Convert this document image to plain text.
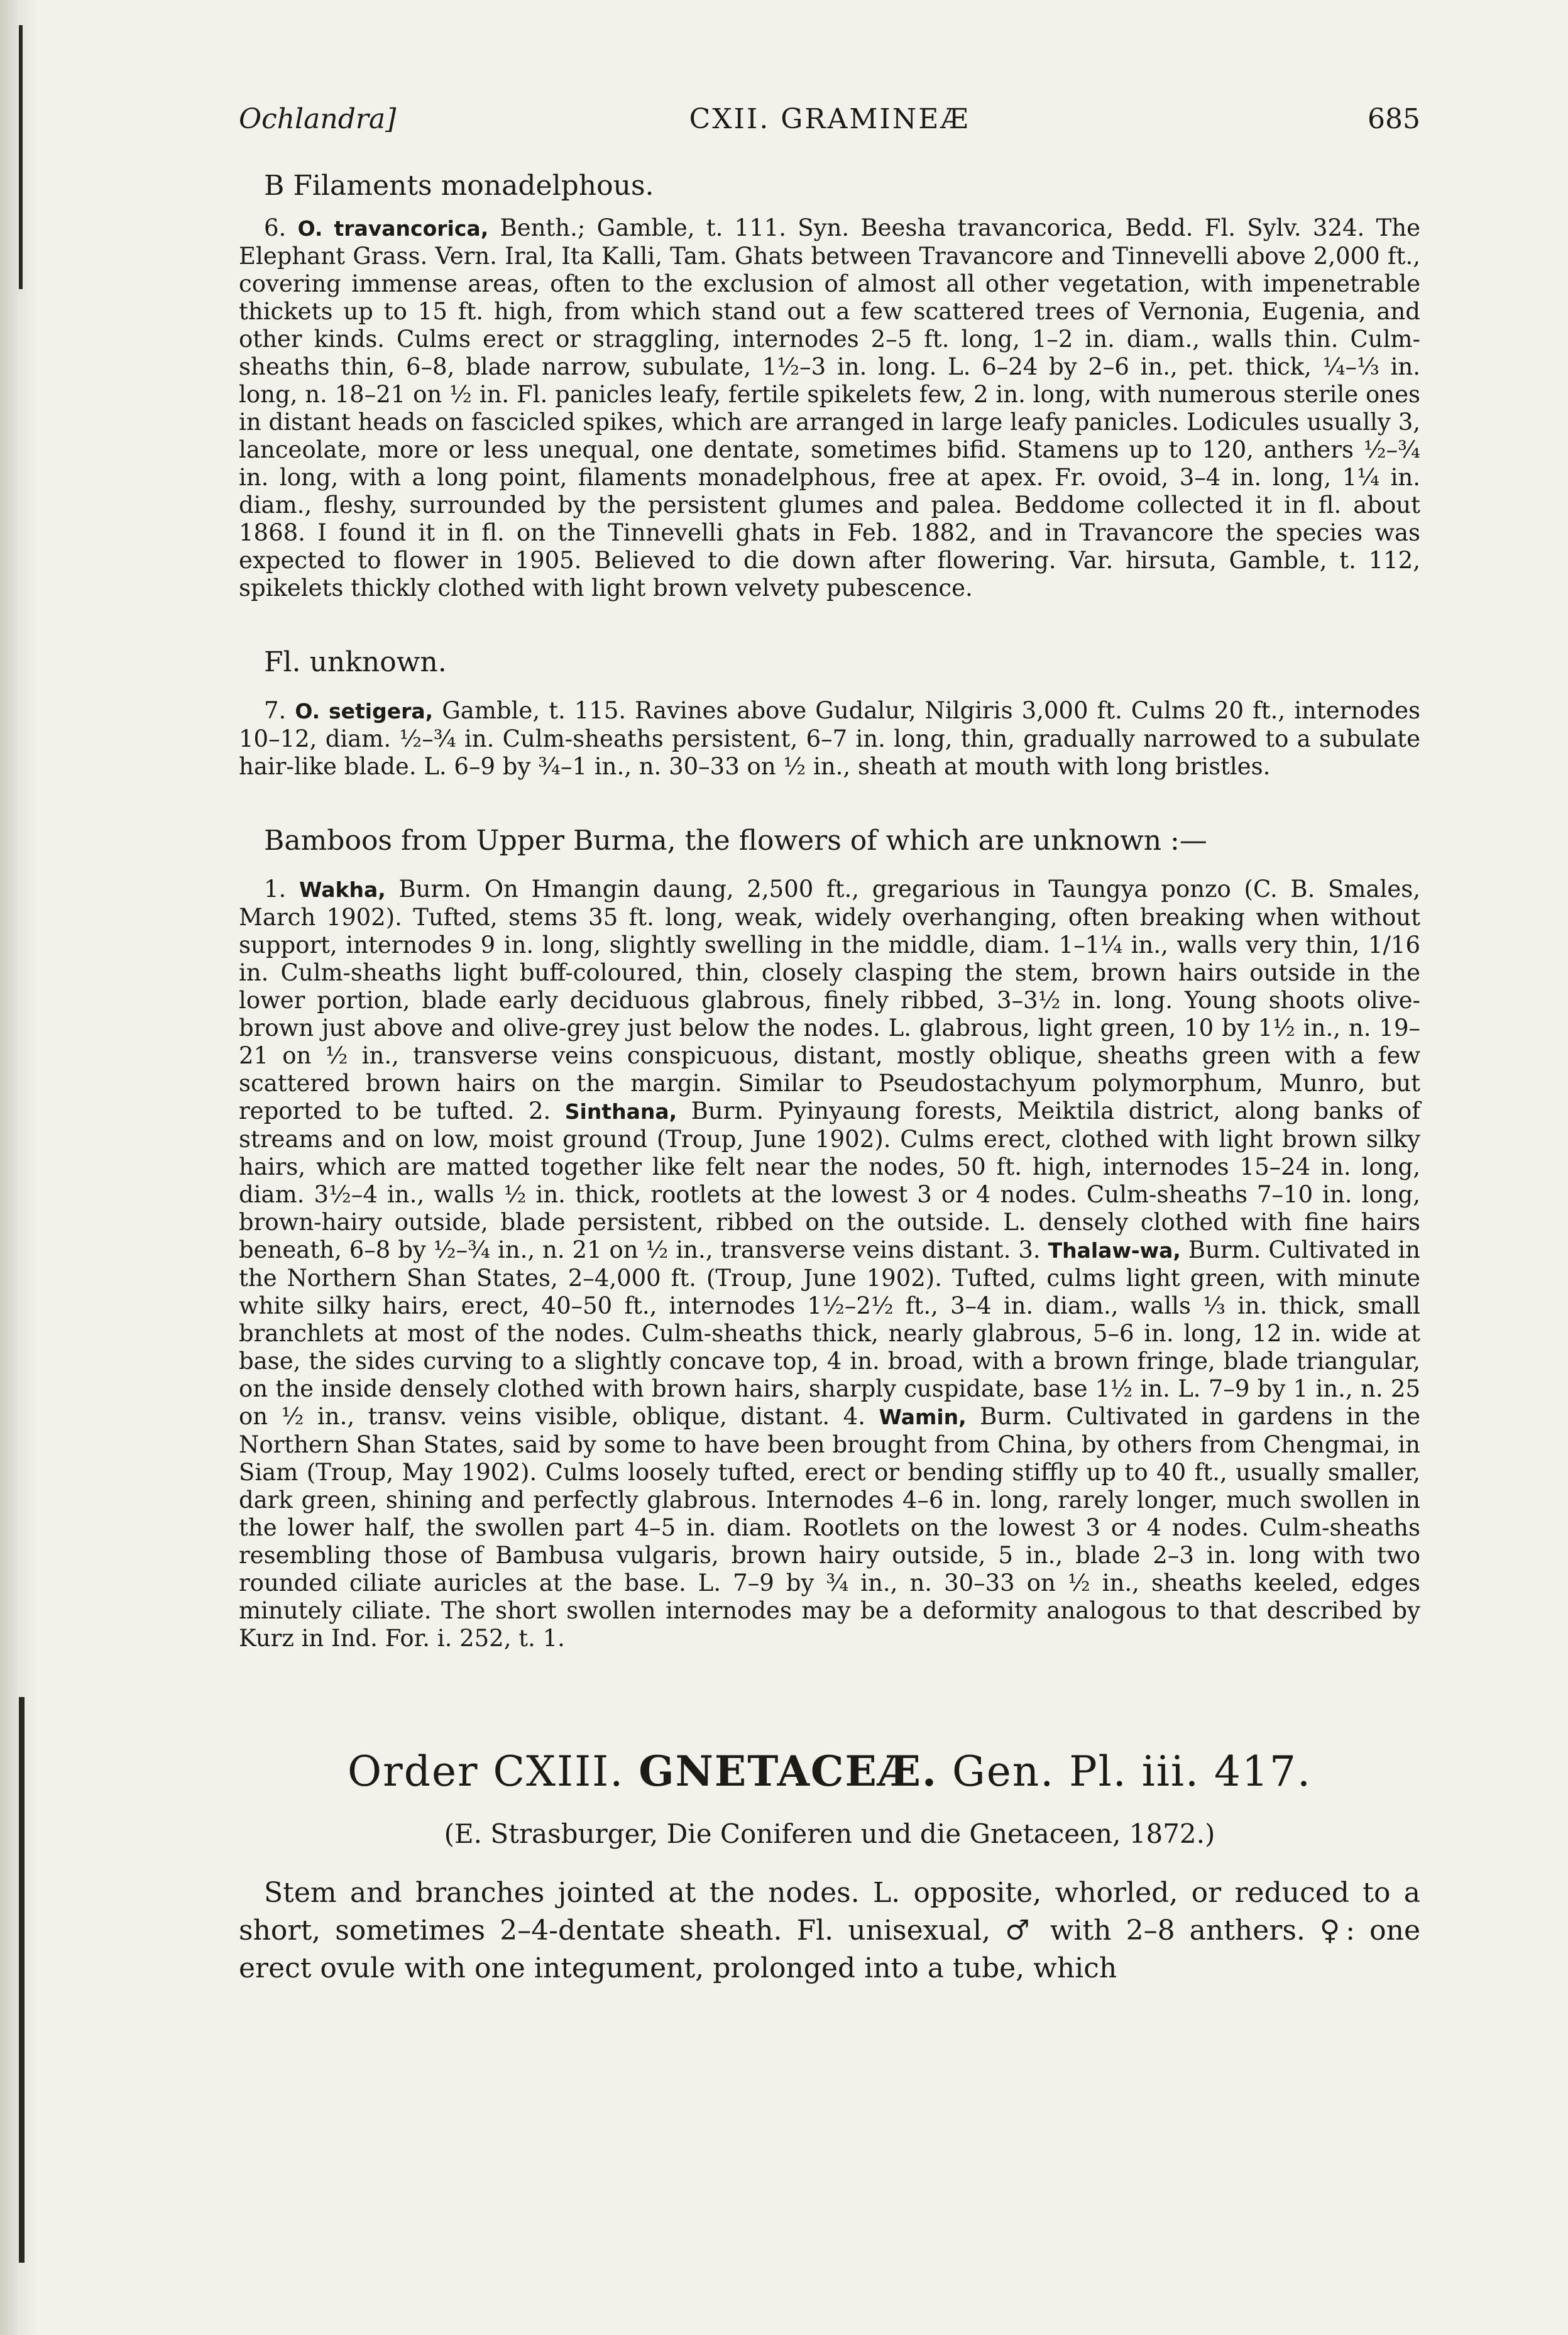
Ochlandra]	CXII. GRAMINEÆ	685
B Filaments monadelphous.

6. O. travancorica, Benth.; Gamble, t. 111. Syn. Beesha travancorica, Bedd. Fl. Sylv. 324. The Elephant Grass. Vern. Iral, Ita Kalli, Tam. Ghats between Travancore and Tinnevelli above 2,000 ft., covering immense areas, often to the exclusion of almost all other vegetation, with impenetrable thickets up to 15 ft. high, from which stand out a few scattered trees of Vernonia, Eugenia, and other kinds. Culms erect or straggling, internodes 2–5 ft. long, 1–2 in. diam., walls thin. Culm-sheaths thin, 6–8, blade narrow, subulate, 1½–3 in. long. L. 6–24 by 2–6 in., pet. thick, ¼–⅓ in. long, n. 18–21 on ½ in. Fl. panicles leafy, fertile spikelets few, 2 in. long, with numerous sterile ones in distant heads on fascicled spikes, which are arranged in large leafy panicles. Lodicules usually 3, lanceolate, more or less unequal, one dentate, sometimes bifid. Stamens up to 120, anthers ½–¾ in. long, with a long point, filaments monadelphous, free at apex. Fr. ovoid, 3–4 in. long, 1¼ in. diam., fleshy, surrounded by the persistent glumes and palea. Beddome collected it in fl. about 1868. I found it in fl. on the Tinnevelli ghats in Feb. 1882, and in Travancore the species was expected to flower in 1905. Believed to die down after flowering. Var. hirsuta, Gamble, t. 112, spikelets thickly clothed with light brown velvety pubescence.

Fl. unknown.

7. O. setigera, Gamble, t. 115. Ravines above Gudalur, Nilgiris 3,000 ft. Culms 20 ft., internodes 10–12, diam. ½–¾ in. Culm-sheaths persistent, 6–7 in. long, thin, gradually narrowed to a subulate hair-like blade. L. 6–9 by ¾–1 in., n. 30–33 on ½ in., sheath at mouth with long bristles.

Bamboos from Upper Burma, the flowers of which are unknown :—

1. Wakha, Burm. On Hmangin daung, 2,500 ft., gregarious in Taungya ponzo (C. B. Smales, March 1902). Tufted, stems 35 ft. long, weak, widely overhanging, often breaking when without support, internodes 9 in. long, slightly swelling in the middle, diam. 1–1¼ in., walls very thin, 1/16 in. Culm-sheaths light buff-coloured, thin, closely clasping the stem, brown hairs outside in the lower portion, blade early deciduous glabrous, finely ribbed, 3–3½ in. long. Young shoots olive-brown just above and olive-grey just below the nodes. L. glabrous, light green, 10 by 1½ in., n. 19–21 on ½ in., transverse veins conspicuous, distant, mostly oblique, sheaths green with a few scattered brown hairs on the margin. Similar to Pseudostachyum polymorphum, Munro, but reported to be tufted. 2. Sinthana, Burm. Pyinyaung forests, Meiktila district, along banks of streams and on low, moist ground (Troup, June 1902). Culms erect, clothed with light brown silky hairs, which are matted together like felt near the nodes, 50 ft. high, internodes 15–24 in. long, diam. 3½–4 in., walls ½ in. thick, rootlets at the lowest 3 or 4 nodes. Culm-sheaths 7–10 in. long, brown-hairy outside, blade persistent, ribbed on the outside. L. densely clothed with fine hairs beneath, 6–8 by ½–¾ in., n. 21 on ½ in., transverse veins distant. 3. Thalaw-wa, Burm. Cultivated in the Northern Shan States, 2–4,000 ft. (Troup, June 1902). Tufted, culms light green, with minute white silky hairs, erect, 40–50 ft., internodes 1½–2½ ft., 3–4 in. diam., walls ⅓ in. thick, small branchlets at most of the nodes. Culm-sheaths thick, nearly glabrous, 5–6 in. long, 12 in. wide at base, the sides curving to a slightly concave top, 4 in. broad, with a brown fringe, blade triangular, on the inside densely clothed with brown hairs, sharply cuspidate, base 1½ in. L. 7–9 by 1 in., n. 25 on ½ in., transv. veins visible, oblique, distant. 4. Wamin, Burm. Cultivated in gardens in the Northern Shan States, said by some to have been brought from China, by others from Chengmai, in Siam (Troup, May 1902). Culms loosely tufted, erect or bending stiffly up to 40 ft., usually smaller, dark green, shining and perfectly glabrous. Internodes 4–6 in. long, rarely longer, much swollen in the lower half, the swollen part 4–5 in. diam. Rootlets on the lowest 3 or 4 nodes. Culm-sheaths resembling those of Bambusa vulgaris, brown hairy outside, 5 in., blade 2–3 in. long with two rounded ciliate auricles at the base. L. 7–9 by ¾ in., n. 30–33 on ½ in., sheaths keeled, edges minutely ciliate. The short swollen internodes may be a deformity analogous to that described by Kurz in Ind. For. i. 252, t. 1.

Order CXIII. GNETACEÆ. Gen. Pl. iii. 417.
(E. Strasburger, Die Coniferen und die Gnetaceen, 1872.)

Stem and branches jointed at the nodes. L. opposite, whorled, or reduced to a short, sometimes 2–4-dentate sheath. Fl. unisexual, ♂ with 2–8 anthers. ♀: one erect ovule with one integument, prolonged into a tube, which
